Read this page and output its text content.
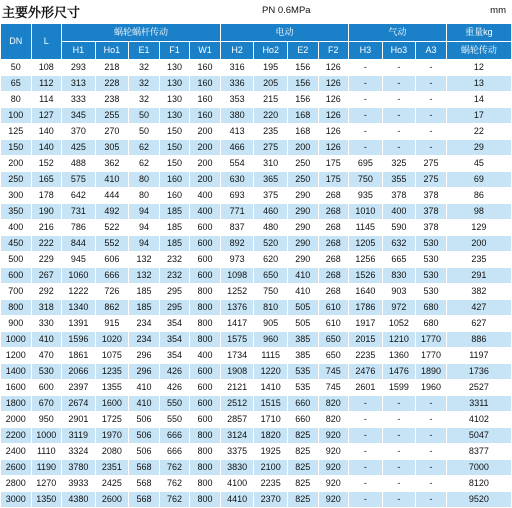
主要外形尺寸	PN 0.6MPa	mm
DN	L	蜗轮蜗杆传动					电动				气动			重量kg
		H1	Ho1	E1	F1	W1	H2	Ho2	E2	F2	H3	Ho3	A3	蜗轮传动
50	108	293	218	32	130	160	316	195	156	126	-	-	-	12
65	112	313	228	32	130	160	336	205	156	126	-	-	-	13
80	114	333	238	32	130	160	353	215	156	126	-	-	-	14
100	127	345	255	50	130	160	380	220	168	126	-	-	-	17
125	140	370	270	50	150	200	413	235	168	126	-	-	-	22
150	140	425	305	62	150	200	466	275	200	126	-	-	-	29
200	152	488	362	62	150	200	554	310	250	175	695	325	275	45
250	165	575	410	80	160	200	630	365	250	175	750	355	275	69
300	178	642	444	80	160	400	693	375	290	268	935	378	378	86
350	190	731	492	94	185	400	771	460	290	268	1010	400	378	98
400	216	786	522	94	185	600	837	480	290	268	1145	590	378	129
450	222	844	552	94	185	600	892	520	290	268	1205	632	530	200
500	229	945	606	132	232	600	973	620	290	268	1256	665	530	235
600	267	1060	666	132	232	600	1098	650	410	268	1526	830	530	291
700	292	1222	726	185	295	800	1252	750	410	268	1640	903	530	382
800	318	1340	862	185	295	800	1376	810	505	610	1786	972	680	427
900	330	1391	915	234	354	800	1417	905	505	610	1917	1052	680	627
1000	410	1596	1020	234	354	800	1575	960	385	650	2015	1210	1770	886
1200	470	1861	1075	296	354	400	1734	1115	385	650	2235	1360	1770	1197
1400	530	2066	1235	296	426	600	1908	1220	535	745	2476	1476	1890	1736
1600	600	2397	1355	410	426	600	2121	1410	535	745	2601	1599	1960	2527
1800	670	2674	1600	410	550	600	2512	1515	660	820	-	-	-	3311
2000	950	2901	1725	506	550	600	2857	1710	660	820	-	-	-	4102
2200	1000	3119	1970	506	666	800	3124	1820	825	920	-	-	-	5047
2400	1110	3324	2080	506	666	800	3375	1925	825	920	-	-	-	8377
2600	1190	3780	2351	568	762	800	3830	2100	825	920	-	-	-	7000
2800	1270	3933	2425	568	762	800	4100	2235	825	920	-	-	-	8120
3000	1350	4380	2600	568	762	800	4410	2370	825	920	-	-	-	9520
